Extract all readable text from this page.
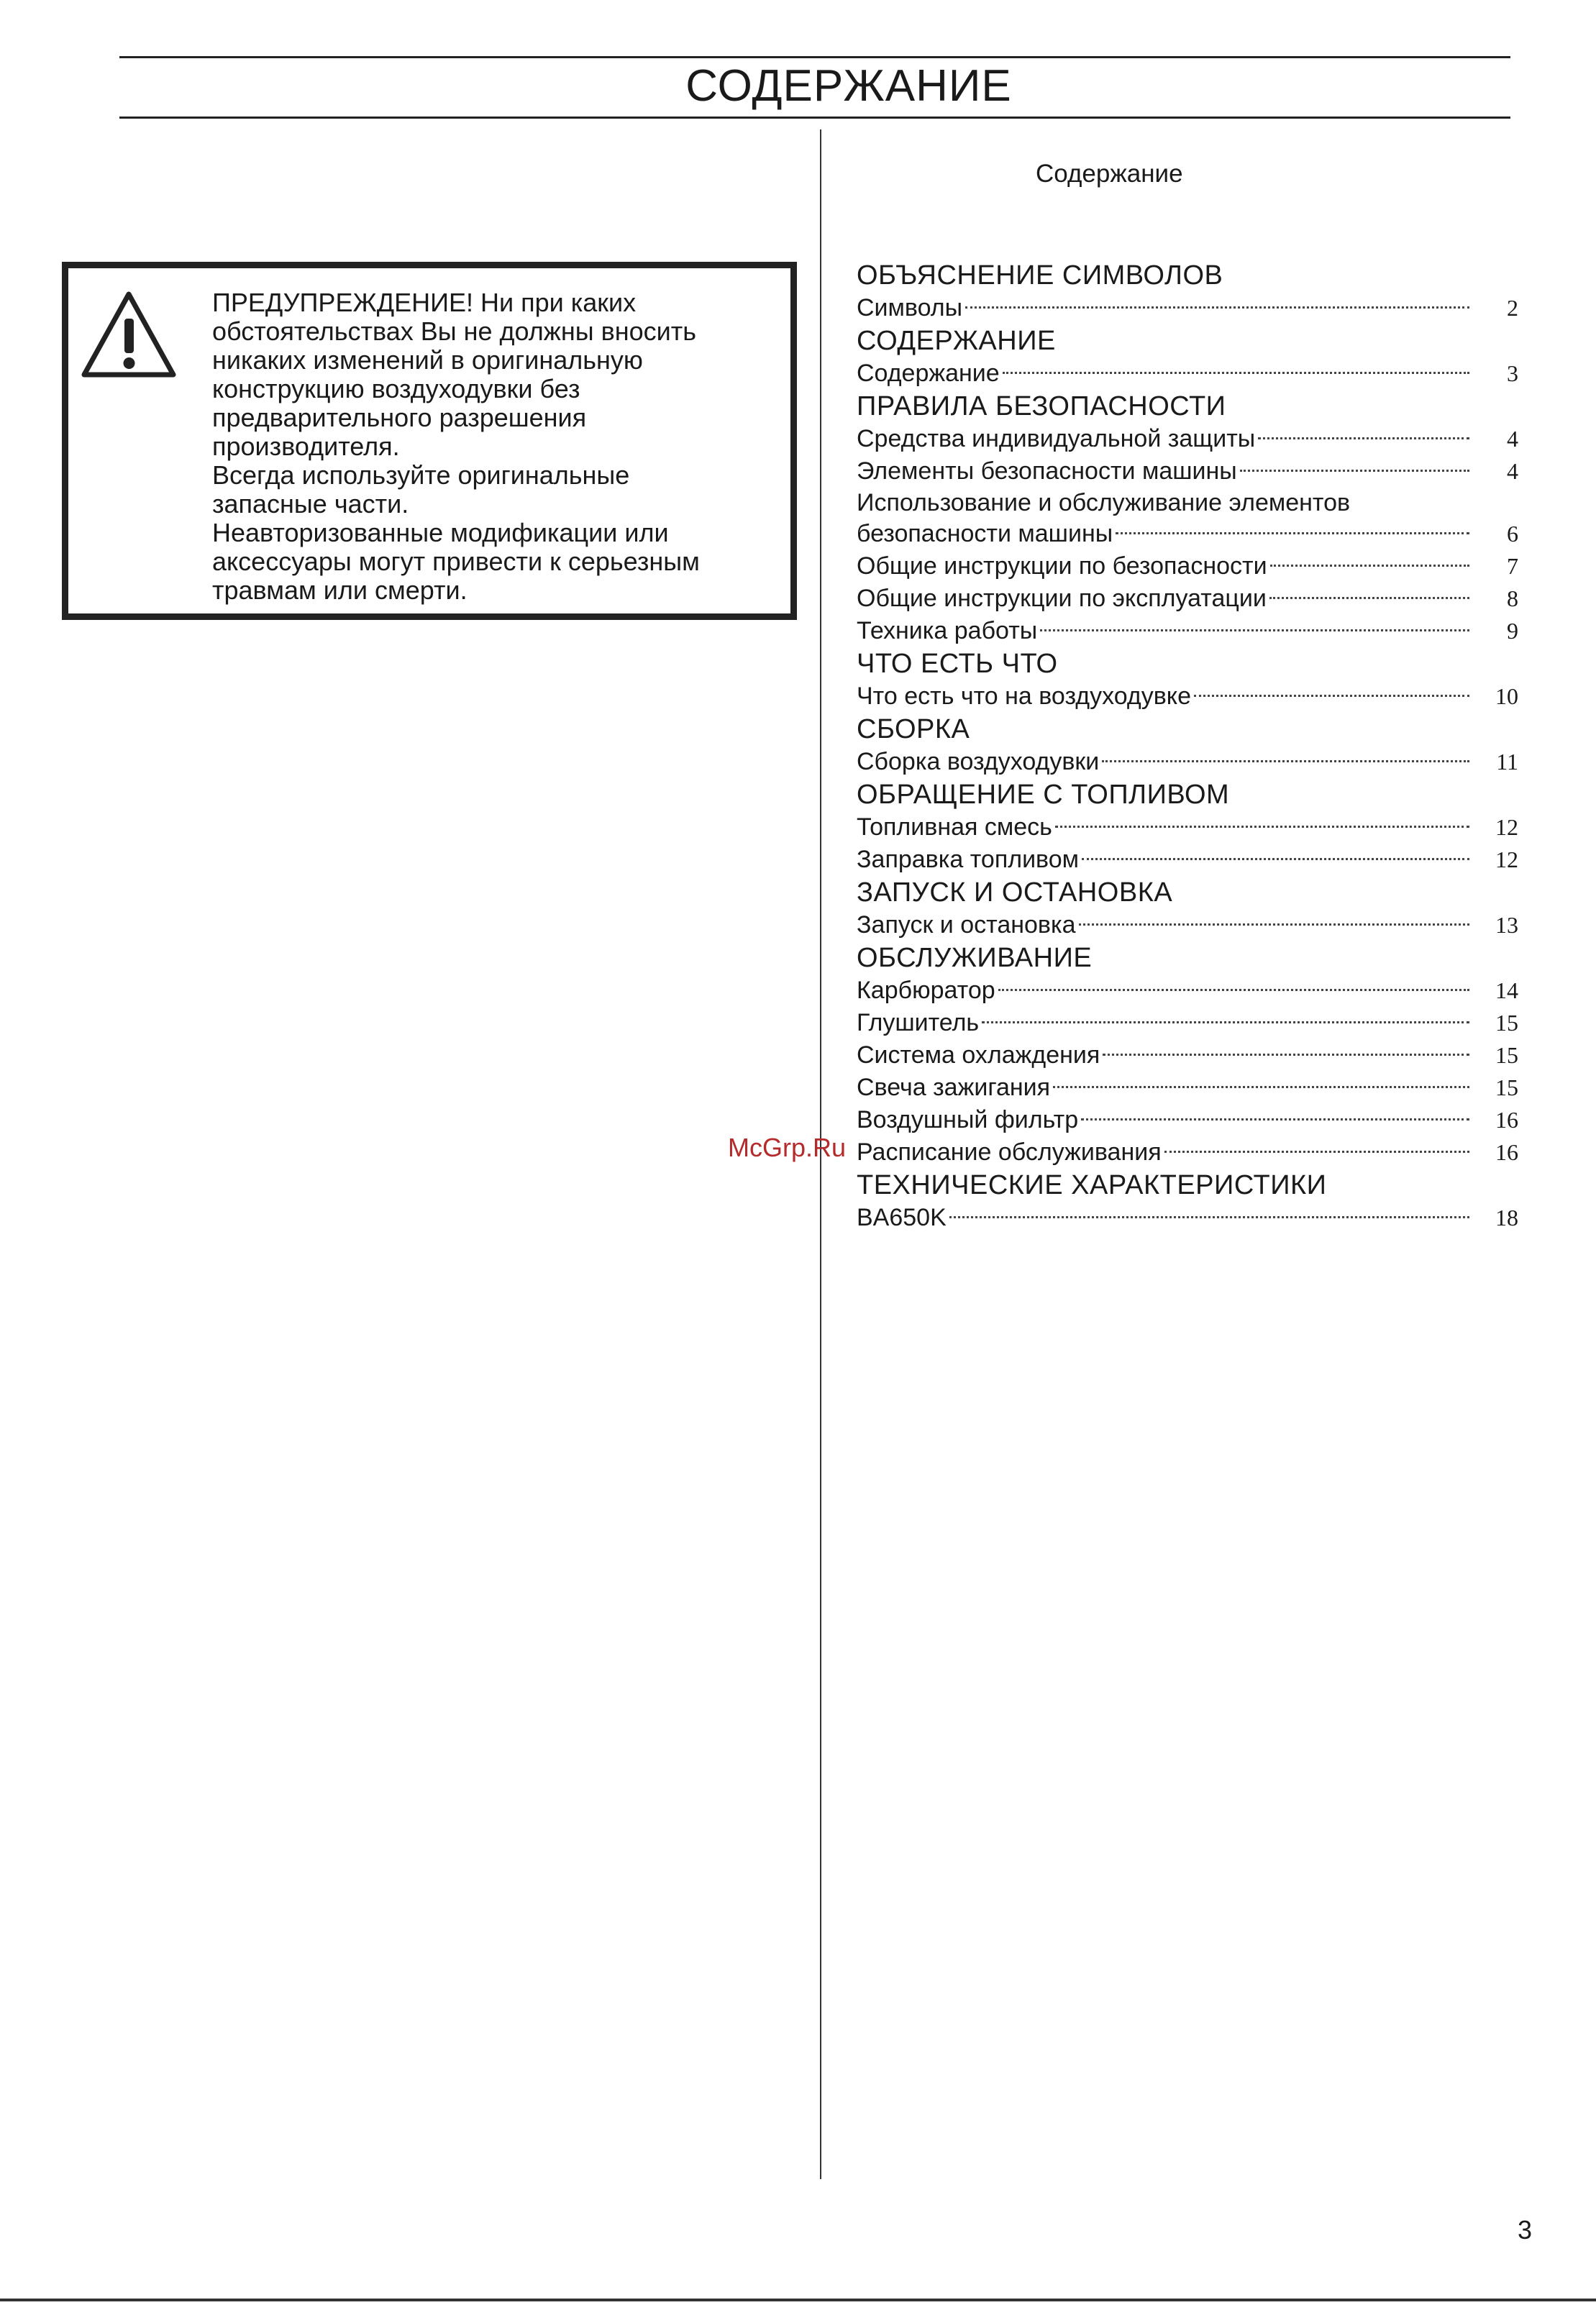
СОДЕРЖАНИЕ
ПРЕДУПРЕЖДЕНИЕ! Ни при каких
обстоятельствах Вы не должны вносить
никаких изменений в оригинальную
конструкцию воздуходувки без
предварительного разрешения
производителя.
Всегда используйте оригинальные
запасные части.
Неавторизованные модификации или
аксессуары могут привести к серьезным
травмам или смерти.
Содержание
ОБЪЯСНЕНИЕ СИМВОЛОВ
Символы	2
СОДЕРЖАНИЕ
Содержание	3
ПРАВИЛА БЕЗОПАСНОСТИ
Средства индивидуальной защиты	4
Элементы безопасности машины	4
Использование и обслуживание элементов
безопасности машины	6
Общие инструкции по безопасности	7
Общие инструкции по эксплуатации	8
Техника работы	9
ЧТО ЕСТЬ ЧТО
Что есть что на воздуходувке	10
СБОРКА
Сборка воздуходувки	11
ОБРАЩЕНИЕ С ТОПЛИВОМ
Топливная смесь	12
Заправка топливом	12
ЗАПУСК И ОСТАНОВКА
Запуск и остановка	13
ОБСЛУЖИВАНИЕ
Карбюратор	14
Глушитель	15
Система охлаждения	15
Свеча зажигания	15
Воздушный фильтр	16
Расписание обслуживания	16
ТЕХНИЧЕСКИЕ ХАРАКТЕРИСТИКИ
BA650K	18
McGrp.Ru
3
